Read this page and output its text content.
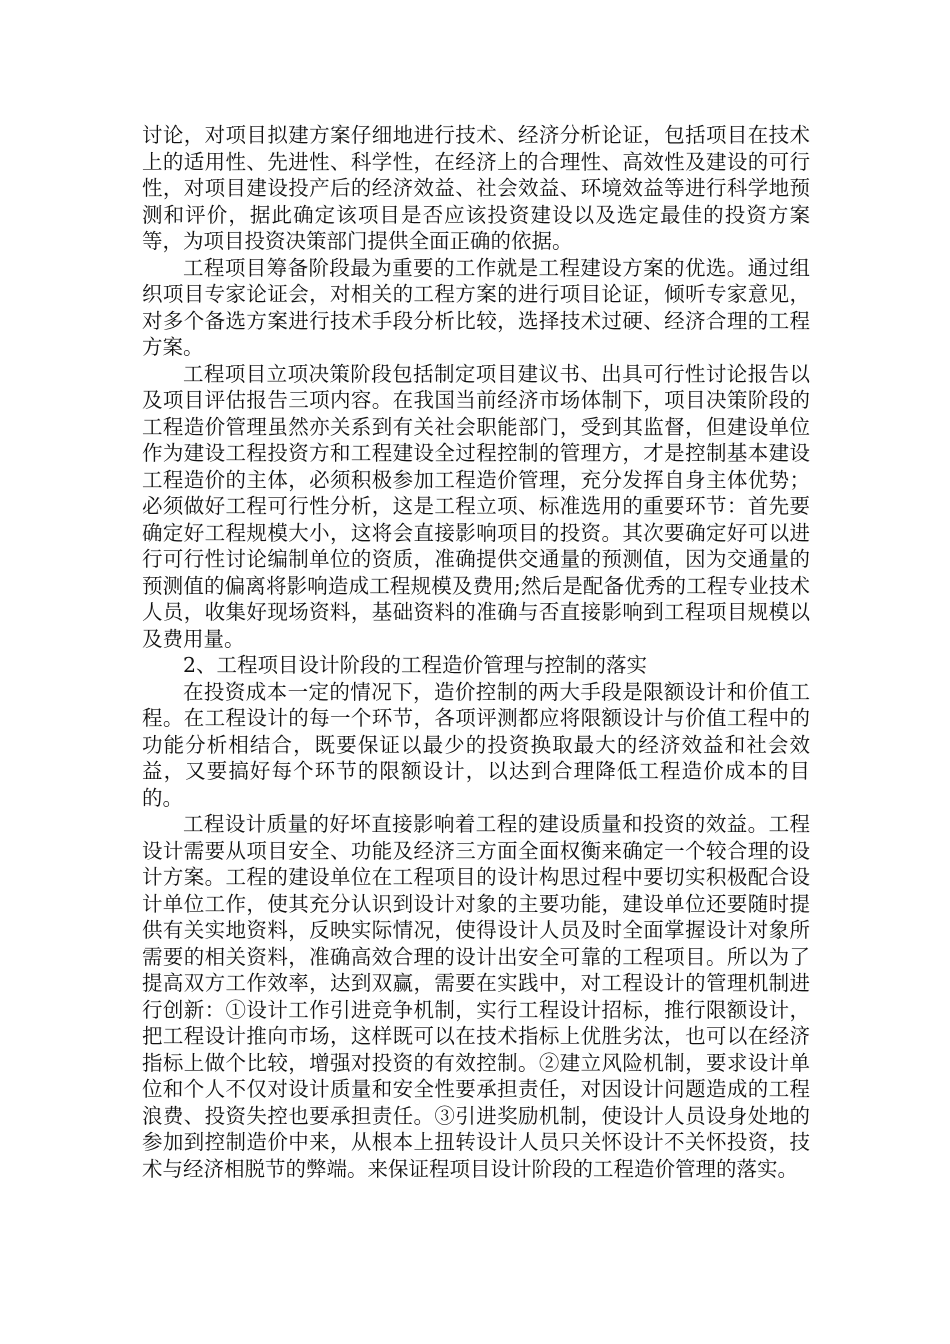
讨论，对项目拟建方案仔细地进行技术、经济分析论证，包括项目在技术上的适用性、先进性、科学性，在经济上的合理性、高效性及建设的可行性，对项目建设投产后的经济效益、社会效益、环境效益等进行科学地预测和评价，据此确定该项目是否应该投资建设以及选定最佳的投资方案等，为项目投资决策部门提供全面正确的依据。

工程项目筹备阶段最为重要的工作就是工程建设方案的优选。通过组织项目专家论证会，对相关的工程方案的进行项目论证，倾听专家意见，对多个备选方案进行技术手段分析比较，选择技术过硬、经济合理的工程方案。

工程项目立项决策阶段包括制定项目建议书、出具可行性讨论报告以及项目评估报告三项内容。在我国当前经济市场体制下，项目决策阶段的工程造价管理虽然亦关系到有关社会职能部门，受到其监督，但建设单位作为建设工程投资方和工程建设全过程控制的管理方，才是控制基本建设工程造价的主体，必须积极参加工程造价管理，充分发挥自身主体优势；必须做好工程可行性分析，这是工程立项、标准选用的重要环节：首先要确定好工程规模大小，这将会直接影响项目的投资。其次要确定好可以进行可行性讨论编制单位的资质，准确提供交通量的预测值，因为交通量的预测值的偏离将影响造成工程规模及费用;然后是配备优秀的工程专业技术人员，收集好现场资料，基础资料的准确与否直接影响到工程项目规模以及费用量。

2、工程项目设计阶段的工程造价管理与控制的落实

在投资成本一定的情况下，造价控制的两大手段是限额设计和价值工程。在工程设计的每一个环节，各项评测都应将限额设计与价值工程中的功能分析相结合，既要保证以最少的投资换取最大的经济效益和社会效益，又要搞好每个环节的限额设计，以达到合理降低工程造价成本的目的。

工程设计质量的好坏直接影响着工程的建设质量和投资的效益。工程设计需要从项目安全、功能及经济三方面全面权衡来确定一个较合理的设计方案。工程的建设单位在工程项目的设计构思过程中要切实积极配合设计单位工作，使其充分认识到设计对象的主要功能，建设单位还要随时提供有关实地资料，反映实际情况，使得设计人员及时全面掌握设计对象所需要的相关资料，准确高效合理的设计出安全可靠的工程项目。所以为了提高双方工作效率，达到双赢，需要在实践中，对工程设计的管理机制进行创新：①设计工作引进竞争机制，实行工程设计招标，推行限额设计，把工程设计推向市场，这样既可以在技术指标上优胜劣汰，也可以在经济指标上做个比较，增强对投资的有效控制。②建立风险机制，要求设计单位和个人不仅对设计质量和安全性要承担责任，对因设计问题造成的工程浪费、投资失控也要承担责任。③引进奖励机制，使设计人员设身处地的参加到控制造价中来，从根本上扭转设计人员只关怀设计不关怀投资，技术与经济相脱节的弊端。来保证程项目设计阶段的工程造价管理的落实。
